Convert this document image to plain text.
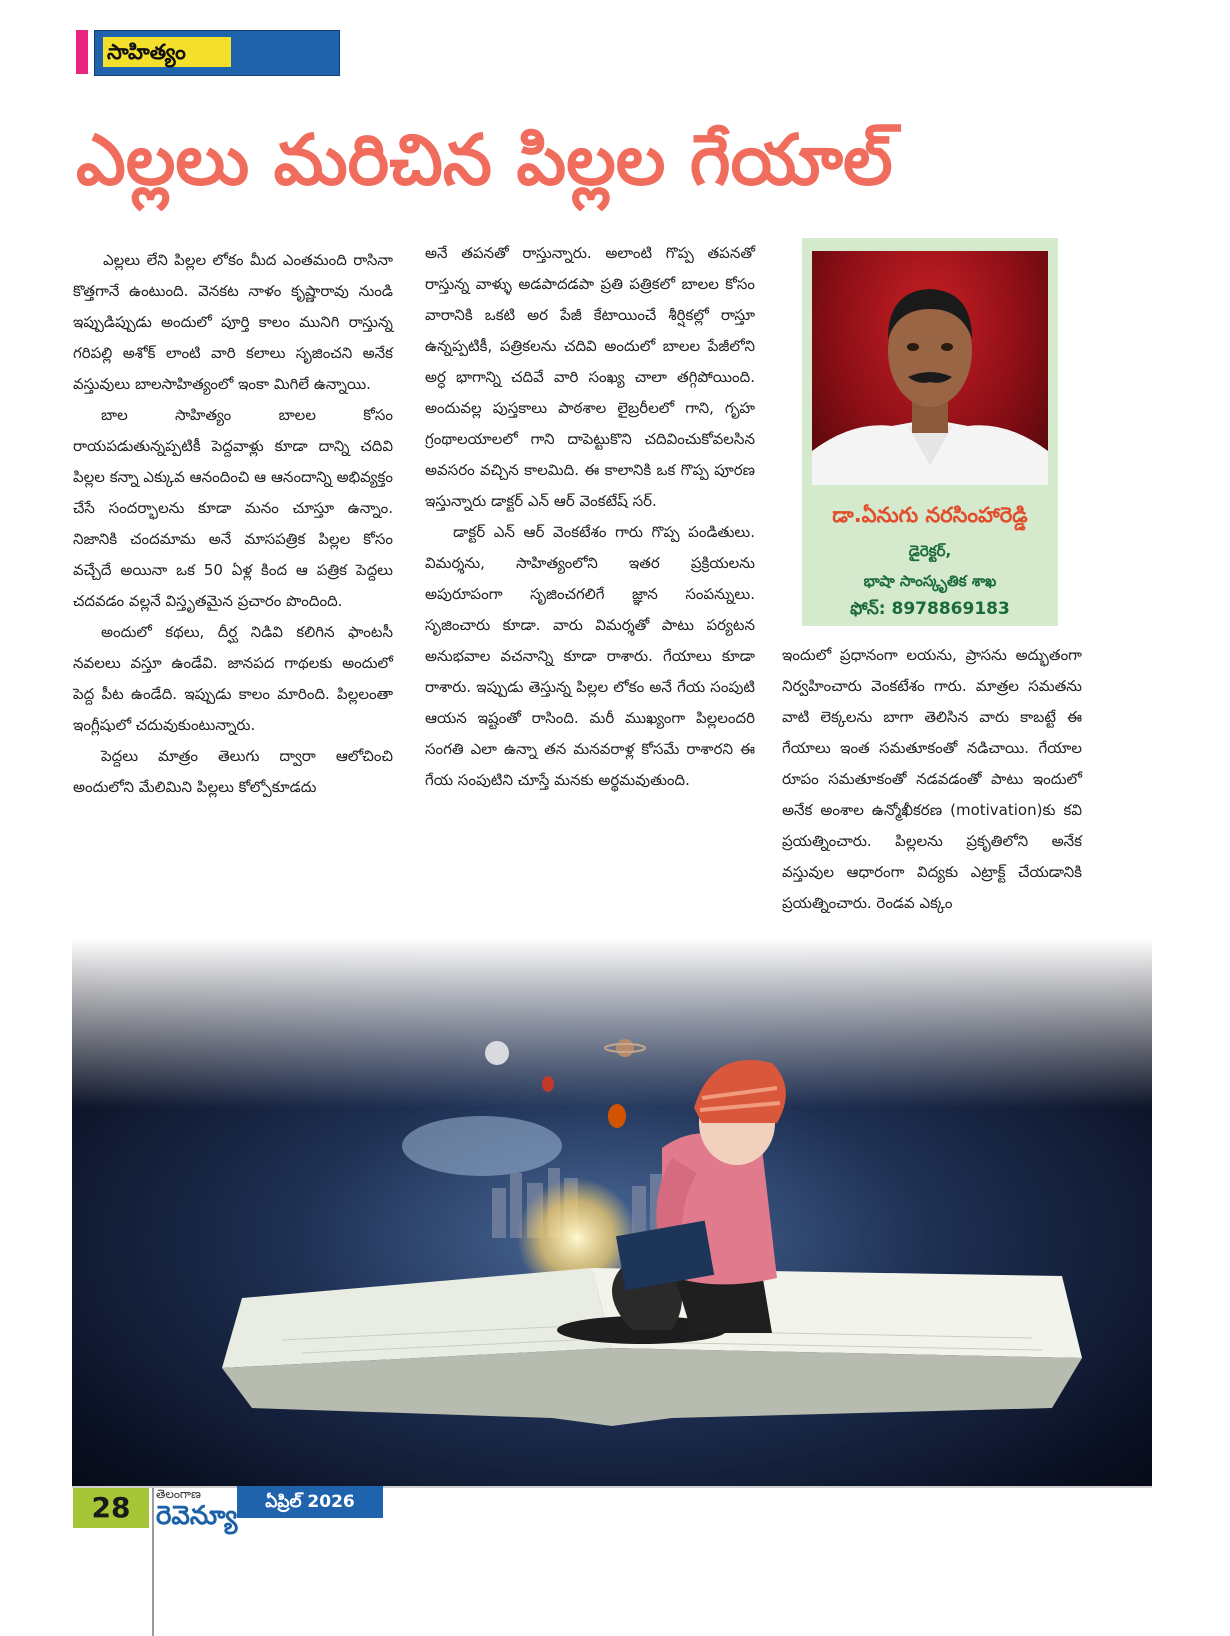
సాహిత్యం
ఎల్లలు మరిచిన పిల్లల గేయాల్

ఎల్లలు లేని పిల్లల లోకం మీద ఎంతమంది రాసినా కొత్తగానే ఉంటుంది. వెనకట నాళం కృష్ణారావు నుండి ఇప్పుడిప్పుడు అందులో పూర్తి కాలం మునిగి రాస్తున్న గరిపల్లి అశోక్ లాంటి వారి కలాలు సృజించని అనేక వస్తువులు బాలసాహిత్యంలో ఇంకా మిగిలే ఉన్నాయి.

బాల సాహిత్యం బాలల కోసం రాయపడుతున్నప్పటికీ పెద్దవాళ్లు కూడా దాన్ని చదివి పిల్లల కన్నా ఎక్కువ ఆనందించి ఆ ఆనందాన్ని అభివ్యక్తం చేసే సందర్భాలను కూడా మనం చూస్తూ ఉన్నాం. నిజానికి చందమామ అనే మాసపత్రిక పిల్లల కోసం వచ్చేదే అయినా ఒక 50 ఏళ్ల కింద ఆ పత్రిక పెద్దలు చదవడం వల్లనే విస్తృతమైన ప్రచారం పొందింది.

అందులో కథలు, దీర్ఘ నిడివి కలిగిన ఫాంటసీ నవలలు వస్తూ ఉండేవి. జానపద గాథలకు అందులో పెద్ద పీట ఉండేది. ఇప్పుడు కాలం మారింది. పిల్లలంతా ఇంగ్లీషులో చదువుకుంటున్నారు.

పెద్దలు మాత్రం తెలుగు ద్వారా ఆలోచించి అందులోని మేలిమిని పిల్లలు కోల్పోకూడదు

అనే తపనతో రాస్తున్నారు. అలాంటి గొప్ప తపనతో రాస్తున్న వాళ్ళు అడపాదడపా ప్రతి పత్రికలో బాలల కోసం వారానికి ఒకటి అర పేజీ కేటాయించే శీర్షికల్లో రాస్తూ ఉన్నప్పటికీ, పత్రికలను చదివి అందులో బాలల పేజీలోని అర్ధ భాగాన్ని చదివే వారి సంఖ్య చాలా తగ్గిపోయింది. అందువల్ల పుస్తకాలు పాఠశాల లైబ్రరీలలో గాని, గృహ గ్రంథాలయాలలో గాని దాపెట్టుకొని చదివించుకోవలసిన అవసరం వచ్చిన కాలమిది. ఈ కాలానికి ఒక గొప్ప పూరణ ఇస్తున్నారు డాక్టర్ ఎన్ ఆర్ వెంకటేష్ సర్.

డాక్టర్ ఎన్ ఆర్ వెంకటేశం గారు గొప్ప పండితులు. విమర్శను, సాహిత్యంలోని ఇతర ప్రక్రియలను అపురూపంగా సృజించగలిగే జ్ఞాన సంపన్నులు. సృజించారు కూడా. వారు విమర్శతో పాటు పర్యటన అనుభవాల వచనాన్ని కూడా రాశారు. గేయాలు కూడా రాశారు. ఇప్పుడు తెస్తున్న పిల్లల లోకం అనే గేయ సంపుటి ఆయన ఇష్టంతో రాసింది. మరీ ముఖ్యంగా పిల్లలందరి సంగతి ఎలా ఉన్నా తన మనవరాళ్ల కోసమే రాశారని ఈ గేయ సంపుటిని చూస్తే మనకు అర్థమవుతుంది.

డా.ఏనుగు నరసింహారెడ్డి
డైరెక్టర్,
భాషా సాంస్కృతిక శాఖ
ఫోన్: 8978869183

ఇందులో ప్రధానంగా లయను, ప్రాసను అద్భుతంగా నిర్వహించారు వెంకటేశం గారు. మాత్రల సమతను వాటి లెక్కలను బాగా తెలిసిన వారు కాబట్టే ఈ గేయాలు ఇంత సమతూకంతో నడిచాయి. గేయాల రూపం సమతూకంతో నడవడంతో పాటు ఇందులో అనేక అంశాల ఉన్మోఖీకరణ (motivation)కు కవి ప్రయత్నించారు. పిల్లలను ప్రకృతిలోని అనేక వస్తువుల ఆధారంగా విద్యకు ఎట్రాక్ట్ చేయడానికి ప్రయత్నించారు. రెండవ ఎక్కం

28	తెలంగాణ
రెవెన్యూ	ఏప్రిల్ 2026
